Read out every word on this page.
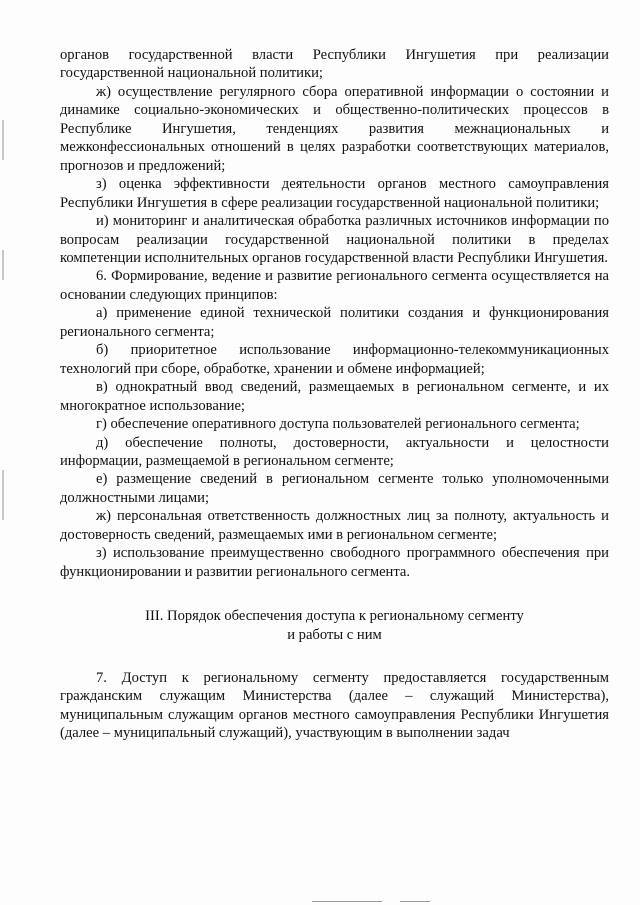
органов государственной власти Республики Ингушетия при реализации государственной национальной политики;

ж) осуществление регулярного сбора оперативной информации о состоянии и динамике социально-экономических и общественно-политических процессов в Республике Ингушетия, тенденциях развития межнациональных и межконфессиональных отношений в целях разработки соответствующих материалов, прогнозов и предложений;

з) оценка эффективности деятельности органов местного самоуправления Республики Ингушетия в сфере реализации государственной национальной политики;

и) мониторинг и аналитическая обработка различных источников информации по вопросам реализации государственной национальной политики в пределах компетенции исполнительных органов государственной власти Республики Ингушетия.

6. Формирование, ведение и развитие регионального сегмента осуществляется на основании следующих принципов:

а) применение единой технической политики создания и функционирования регионального сегмента;

б) приоритетное использование информационно-телекоммуникационных технологий при сборе, обработке, хранении и обмене информацией;

в) однократный ввод сведений, размещаемых в региональном сегменте, и их многократное использование;

г) обеспечение оперативного доступа пользователей регионального сегмента;

д) обеспечение полноты, достоверности, актуальности и целостности информации, размещаемой в региональном сегменте;

е) размещение сведений в региональном сегменте только уполномоченными должностными лицами;

ж) персональная ответственность должностных лиц за полноту, актуальность и достоверность сведений, размещаемых ими в региональном сегменте;

з) использование преимущественно свободного программного обеспечения при функционировании и развитии регионального сегмента.

III. Порядок обеспечения доступа к региональному сегменту

и работы с ним

7. Доступ к региональному сегменту предоставляется государственным гражданским служащим Министерства (далее – служащий Министерства), муниципальным служащим органов местного самоуправления Республики Ингушетия (далее – муниципальный служащий), участвующим в выполнении задач
